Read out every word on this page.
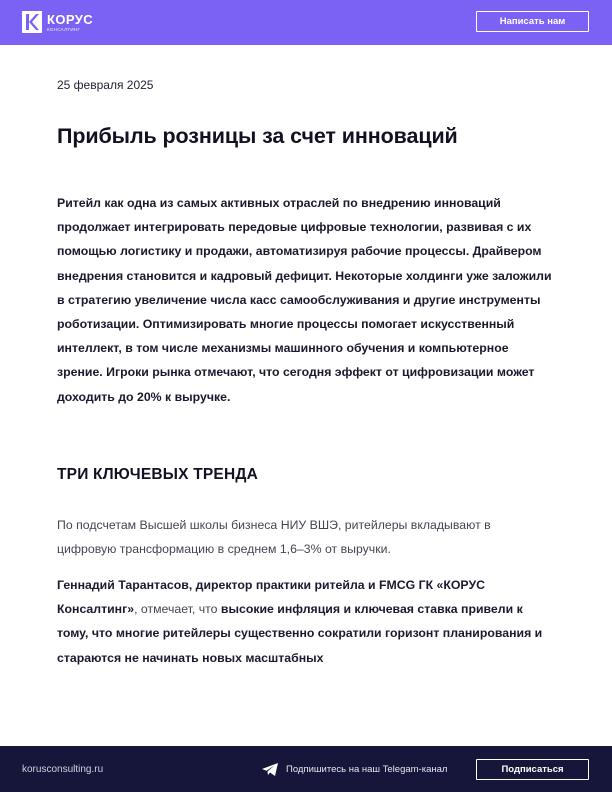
КОРУС
КОНСАЛТИНГ
Написать нам
25 февраля 2025
Прибыль розницы за счет инноваций
Ритейл как одна из самых активных отраслей по внедрению инноваций продолжает интегрировать передовые цифровые технологии, развивая с их помощью логистику и продажи, автоматизируя рабочие процессы. Драйвером внедрения становится и кадровый дефицит. Некоторые холдинги уже заложили в стратегию увеличение числа касс самообслуживания и другие инструменты роботизации. Оптимизировать многие процессы помогает искусственный интеллект, в том числе механизмы машинного обучения и компьютерное зрение. Игроки рынка отмечают, что сегодня эффект от цифровизации может доходить до 20% к выручке.
ТРИ КЛЮЧЕВЫХ ТРЕНДА
По подсчетам Высшей школы бизнеса НИУ ВШЭ, ритейлеры вкладывают в цифровую трансформацию в среднем 1,6–3% от выручки.
Геннадий Тарантасов, директор практики ритейла и FMCG ГК «КОРУС Консалтинг», отмечает, что высокие инфляция и ключевая ставка привели к тому, что многие ритейлеры существенно сократили горизонт планирования и стараются не начинать новых масштабных
korusconsulting.ru	Подпишитесь на наш Telegam-канал	Подписаться
